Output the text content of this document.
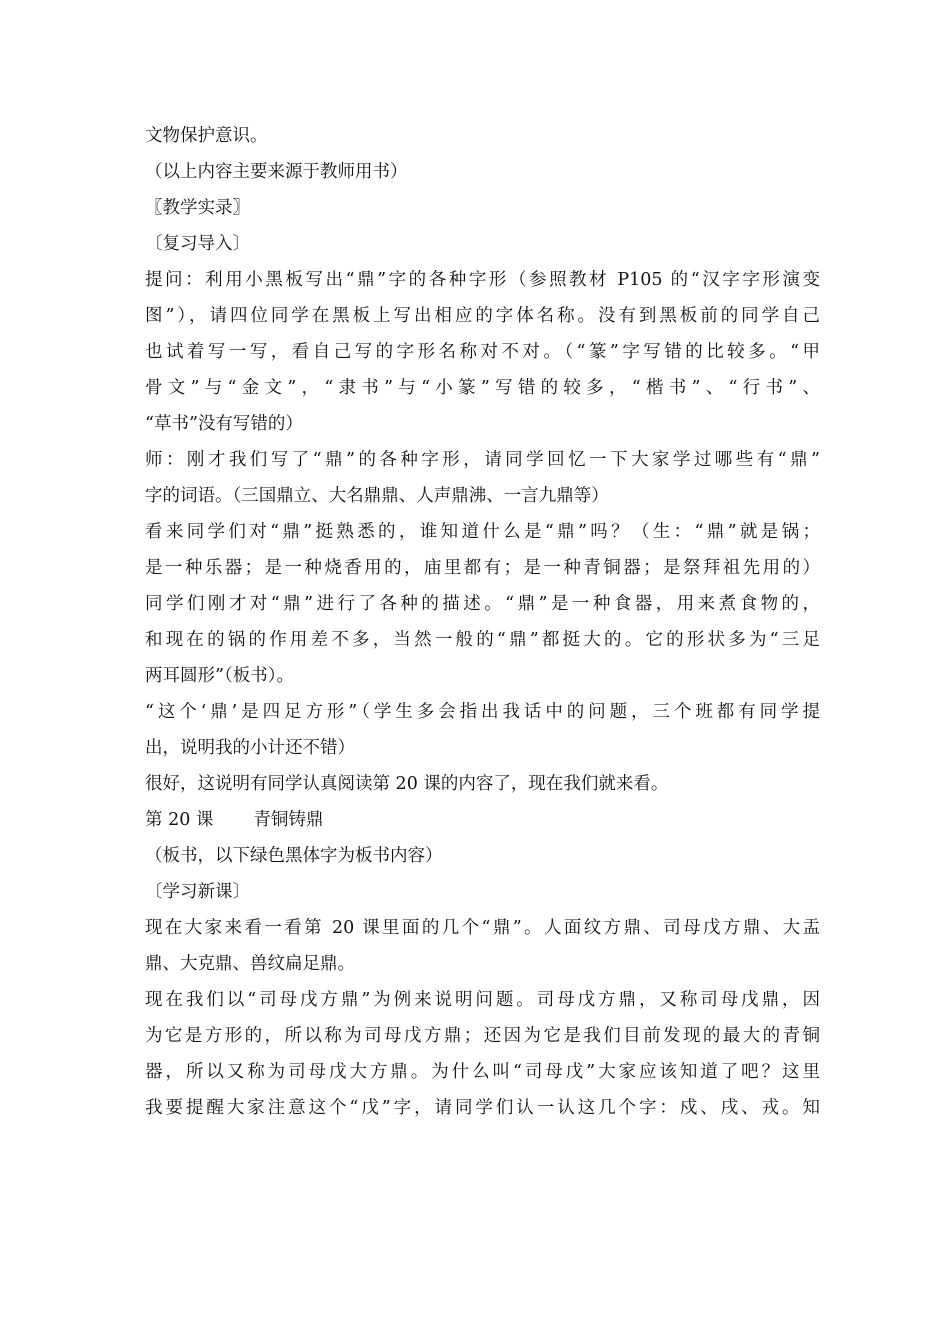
文物保护意识。
（以上内容主要来源于教师用书）
〖教学实录〗
〔复习导入〕
提问：利用小黑板写出“鼎”字的各种字形（参照教材 P105 的“汉字字形演变
图”），请四位同学在黑板上写出相应的字体名称。没有到黑板前的同学自己
也试着写一写，看自己写的字形名称对不对。（“篆”字写错的比较多。“甲
骨文”与“金文”，“隶书”与“小篆”写错的较多，“楷书”、“行书”、
“草书”没有写错的）
师：刚才我们写了“鼎”的各种字形，请同学回忆一下大家学过哪些有“鼎”
字的词语。（三国鼎立、大名鼎鼎、人声鼎沸、一言九鼎等）
看来同学们对“鼎”挺熟悉的，谁知道什么是“鼎”吗？（生：“鼎”就是锅；
是一种乐器；是一种烧香用的，庙里都有；是一种青铜器；是祭拜祖先用的）
同学们刚才对“鼎”进行了各种的描述。“鼎”是一种食器，用来煮食物的，
和现在的锅的作用差不多，当然一般的“鼎”都挺大的。它的形状多为“三足
两耳圆形”（板书）。
“这个‘鼎’是四足方形”（学生多会指出我话中的问题，三个班都有同学提
出，说明我的小计还不错）
很好，这说明有同学认真阅读第 20 课的内容了，现在我们就来看。
第 20 课 青铜铸鼎
（板书，以下绿色黑体字为板书内容）
〔学习新课〕
现在大家来看一看第 20 课里面的几个“鼎”。人面纹方鼎、司母戊方鼎、大盂
鼎、大克鼎、兽纹扁足鼎。
现在我们以“司母戊方鼎”为例来说明问题。司母戊方鼎，又称司母戊鼎，因
为它是方形的，所以称为司母戊方鼎；还因为它是我们目前发现的最大的青铜
器，所以又称为司母戊大方鼎。为什么叫“司母戊”大家应该知道了吧？这里
我要提醒大家注意这个“戊”字，请同学们认一认这几个字：戍、戌、戎。知
